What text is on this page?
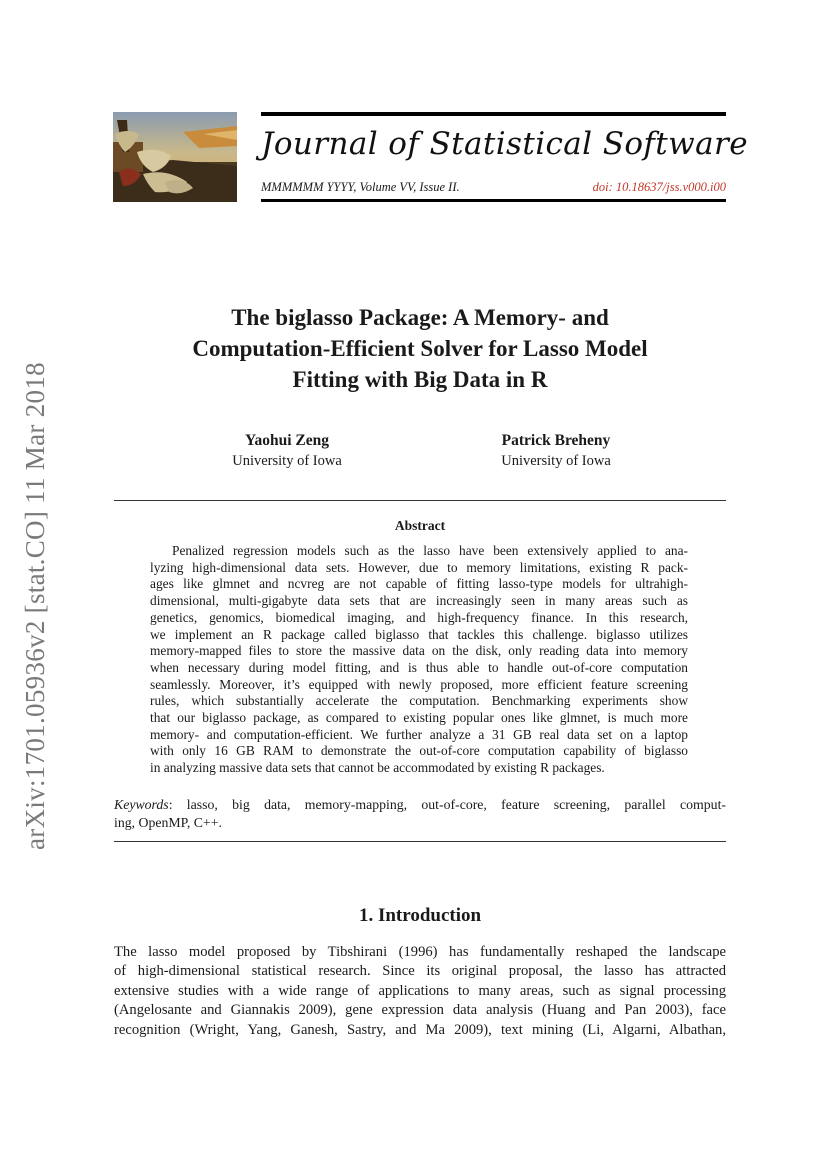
arXiv:1701.05936v2 [stat.CO] 11 Mar 2018
Journal of Statistical Software
MMMMMM YYYY, Volume VV, Issue II.	doi: 10.18637/jss.v000.i00
The biglasso Package: A Memory- and
Computation-Efficient Solver for Lasso Model
Fitting with Big Data in R
Yaohui Zeng
University of Iowa
Patrick Breheny
University of Iowa
Abstract
Penalized regression models such as the lasso have been extensively applied to ana-
lyzing high-dimensional data sets. However, due to memory limitations, existing R pack-
ages like glmnet and ncvreg are not capable of fitting lasso-type models for ultrahigh-
dimensional, multi-gigabyte data sets that are increasingly seen in many areas such as
genetics, genomics, biomedical imaging, and high-frequency finance. In this research,
we implement an R package called biglasso that tackles this challenge. biglasso utilizes
memory-mapped files to store the massive data on the disk, only reading data into memory
when necessary during model fitting, and is thus able to handle out-of-core computation
seamlessly. Moreover, it’s equipped with newly proposed, more efficient feature screening
rules, which substantially accelerate the computation. Benchmarking experiments show
that our biglasso package, as compared to existing popular ones like glmnet, is much more
memory- and computation-efficient. We further analyze a 31 GB real data set on a laptop
with only 16 GB RAM to demonstrate the out-of-core computation capability of biglasso
in analyzing massive data sets that cannot be accommodated by existing R packages.
Keywords: lasso, big data, memory-mapping, out-of-core, feature screening, parallel comput-
ing, OpenMP, C++.
1. Introduction
The lasso model proposed by Tibshirani (1996) has fundamentally reshaped the landscape
of high-dimensional statistical research. Since its original proposal, the lasso has attracted
extensive studies with a wide range of applications to many areas, such as signal processing
(Angelosante and Giannakis 2009), gene expression data analysis (Huang and Pan 2003), face
recognition (Wright, Yang, Ganesh, Sastry, and Ma 2009), text mining (Li, Algarni, Albathan,
